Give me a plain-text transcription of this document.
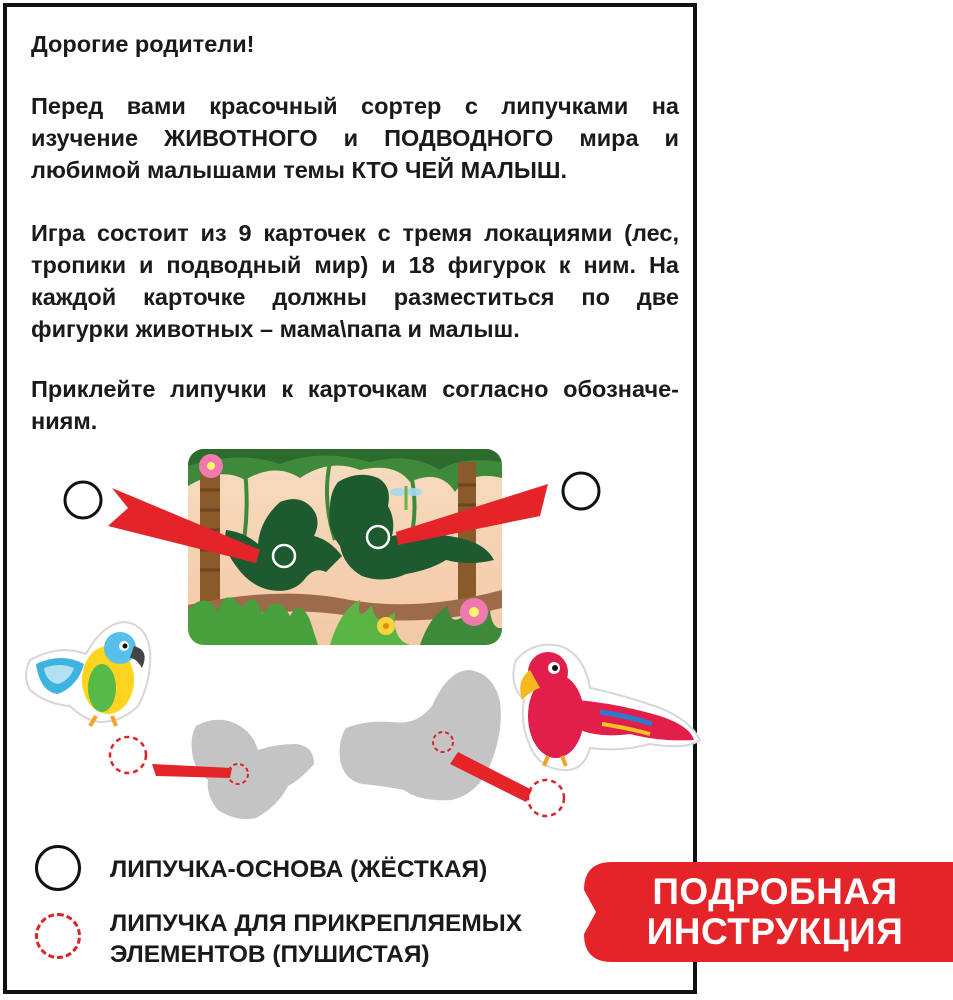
Дорогие родители!

Перед вами красочный сортер с липучками на изучение ЖИВОТНОГО и ПОДВОДНОГО мира и любимой малышами темы КТО ЧЕЙ МАЛЫШ.

Игра состоит из 9 карточек с тремя локациями (лес, тропики и подводный мир) и 18 фигурок к ним. На каждой карточке должны разместиться по две фигурки животных – мама\папа и малыш.

Приклейте липучки к карточкам согласно обозначе-ниям.

ЛИПУЧКА-ОСНОВА (ЖЁСТКАЯ)
ЛИПУЧКА ДЛЯ ПРИКРЕПЛЯЕМЫХ
ЭЛЕМЕНТОВ (ПУШИСТАЯ)
ПОДРОБНАЯ
ИНСТРУКЦИЯ
